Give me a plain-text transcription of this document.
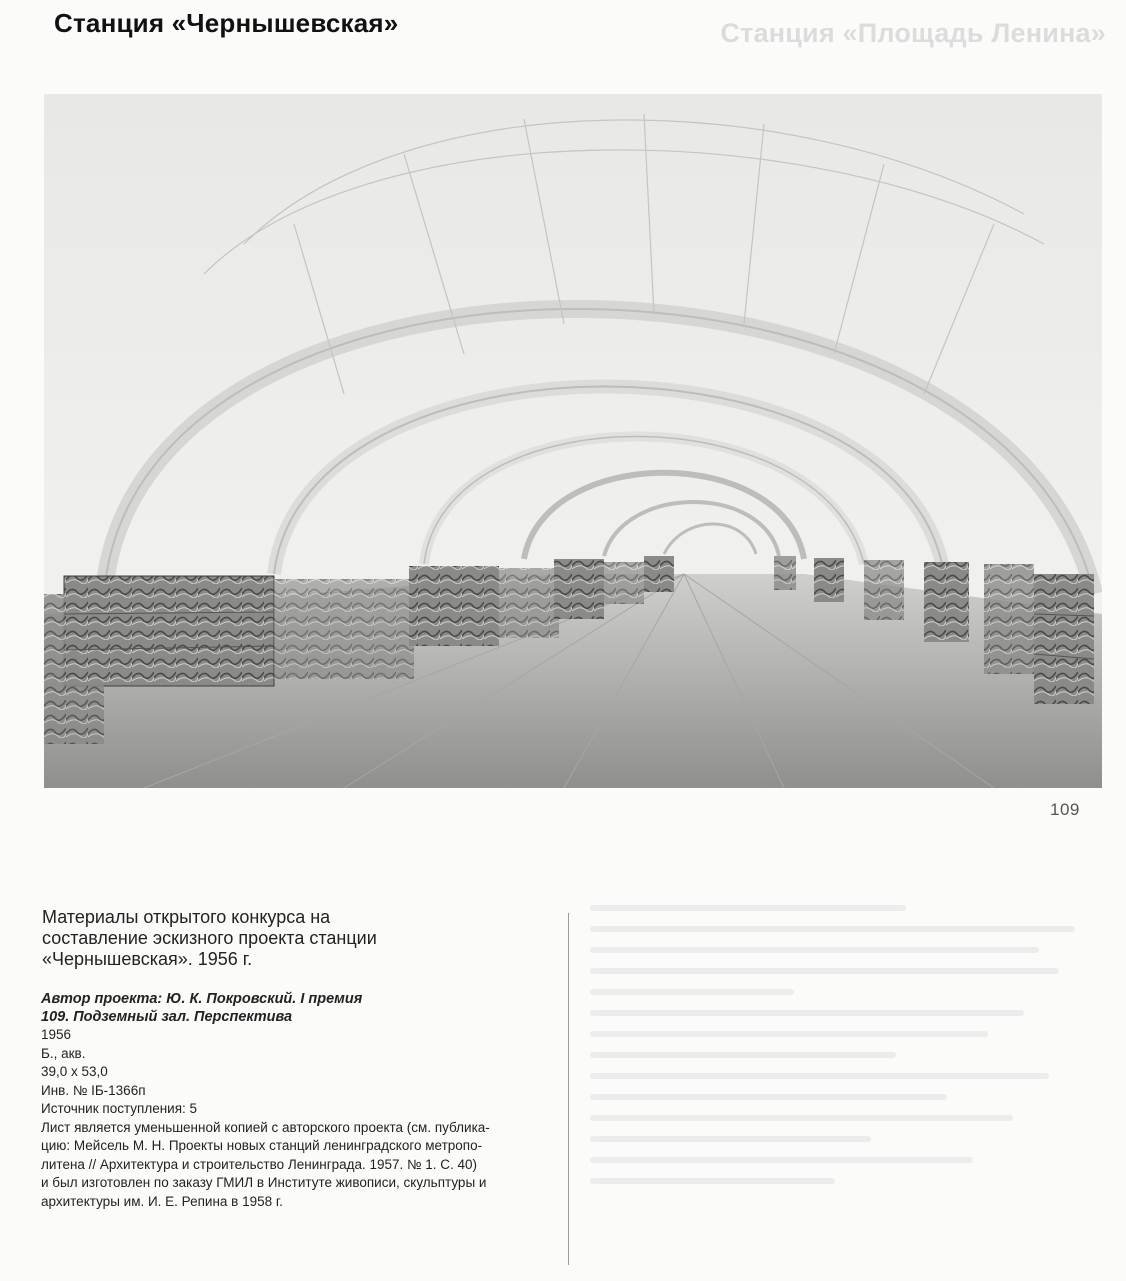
Станция «Площадь Ленина»
Станция «Чернышевская»
109
Материалы открытого конкурса на
составление эскизного проекта станции
«Чернышевская». 1956 г.
Автор проекта: Ю. К. Покровский. I премия
109. Подземный зал. Перспектива
1956
Б., акв.
39,0 х 53,0
Инв. № IБ-1366п
Источник поступления: 5
Лист является уменьшенной копией с авторского проекта (см. публика-
цию: Мейсель М. Н. Проекты новых станций ленинградского метропо-
литена // Архитектура и строительство Ленинграда. 1957. № 1. С. 40)
и был изготовлен по заказу ГМИЛ в Институте живописи, скульптуры и
архитектуры им. И. Е. Репина в 1958 г.
